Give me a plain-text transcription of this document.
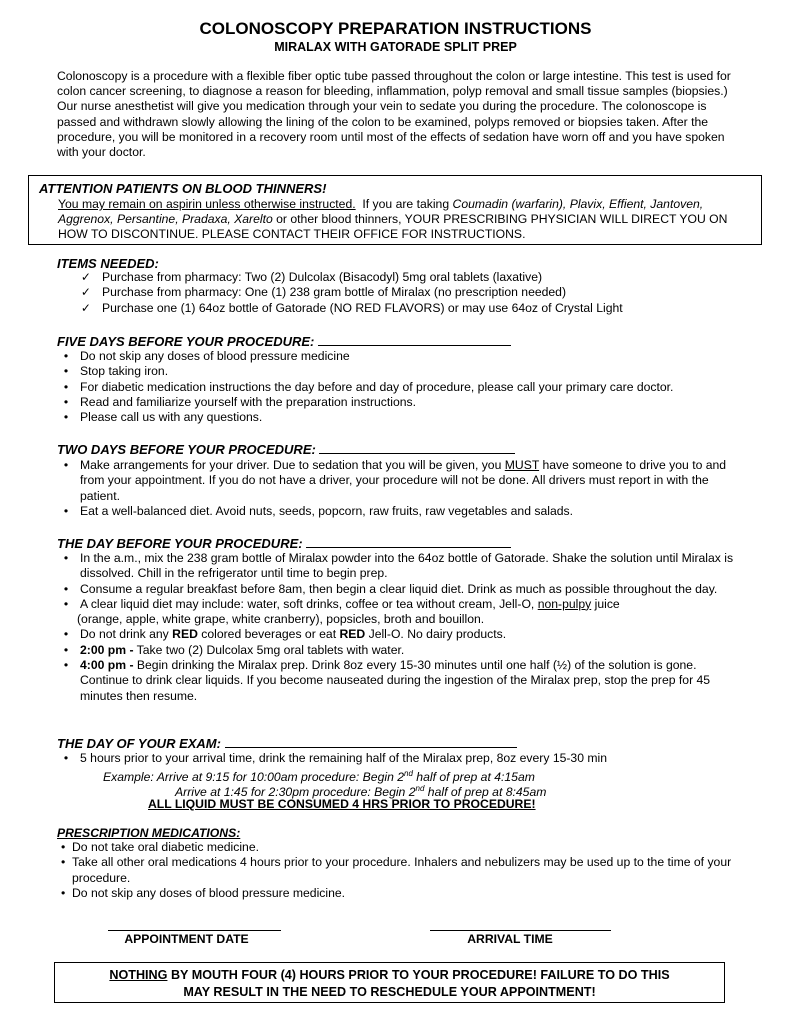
COLONOSCOPY PREPARATION INSTRUCTIONS
MIRALAX WITH GATORADE SPLIT PREP
Colonoscopy is a procedure with a flexible fiber optic tube passed throughout the colon or large intestine. This test is used for colon cancer screening, to diagnose a reason for bleeding, inflammation, polyp removal and small tissue samples (biopsies.) Our nurse anesthetist will give you medication through your vein to sedate you during the procedure. The colonoscope is passed and withdrawn slowly allowing the lining of the colon to be examined, polyps removed or biopsies taken. After the procedure, you will be monitored in a recovery room until most of the effects of sedation have worn off and you have spoken with your doctor.
ATTENTION PATIENTS ON BLOOD THINNERS!
You may remain on aspirin unless otherwise instructed.  If you are taking Coumadin (warfarin), Plavix, Effient, Jantoven, Aggrenox, Persantine, Pradaxa, Xarelto or other blood thinners, YOUR PRESCRIBING PHYSICIAN WILL DIRECT YOU ON HOW TO DISCONTINUE. PLEASE CONTACT THEIR OFFICE FOR INSTRUCTIONS.
ITEMS NEEDED:
✓ Purchase from pharmacy: Two (2) Dulcolax (Bisacodyl) 5mg oral tablets (laxative)
✓ Purchase from pharmacy: One (1) 238 gram bottle of Miralax (no prescription needed)
✓ Purchase one (1) 64oz bottle of Gatorade (NO RED FLAVORS) or may use 64oz of Crystal Light
FIVE DAYS BEFORE YOUR PROCEDURE:
• Do not skip any doses of blood pressure medicine
• Stop taking iron.
• For diabetic medication instructions the day before and day of procedure, please call your primary care doctor.
• Read and familiarize yourself with the preparation instructions.
• Please call us with any questions.
TWO DAYS BEFORE YOUR PROCEDURE:
• Make arrangements for your driver. Due to sedation that you will be given, you MUST have someone to drive you to and from your appointment. If you do not have a driver, your procedure will not be done. All drivers must report in with the patient.
• Eat a well-balanced diet. Avoid nuts, seeds, popcorn, raw fruits, raw vegetables and salads.
THE DAY BEFORE YOUR PROCEDURE:
• In the a.m., mix the 238 gram bottle of Miralax powder into the 64oz bottle of Gatorade. Shake the solution until Miralax is dissolved. Chill in the refrigerator until time to begin prep.
• Consume a regular breakfast before 8am, then begin a clear liquid diet. Drink as much as possible throughout the day.
• A clear liquid diet may include: water, soft drinks, coffee or tea without cream, Jell-O, non-pulpy juice
(orange, apple, white grape, white cranberry), popsicles, broth and bouillon.
• Do not drink any RED colored beverages or eat RED Jell-O. No dairy products.
• 2:00 pm - Take two (2) Dulcolax 5mg oral tablets with water.
• 4:00 pm - Begin drinking the Miralax prep. Drink 8oz every 15-30 minutes until one half (½) of the solution is gone. Continue to drink clear liquids. If you become nauseated during the ingestion of the Miralax prep, stop the prep for 45 minutes then resume.
THE DAY OF YOUR EXAM:
• 5 hours prior to your arrival time, drink the remaining half of the Miralax prep, 8oz every 15-30 min
Example: Arrive at 9:15 for 10:00am procedure: Begin 2nd half of prep at 4:15am
Arrive at 1:45 for 2:30pm procedure: Begin 2nd half of prep at 8:45am
ALL LIQUID MUST BE CONSUMED 4 HRS PRIOR TO PROCEDURE!
PRESCRIPTION MEDICATIONS:
• Do not take oral diabetic medicine.
• Take all other oral medications 4 hours prior to your procedure. Inhalers and nebulizers may be used up to the time of your procedure.
• Do not skip any doses of blood pressure medicine.
APPOINTMENT DATE	ARRIVAL TIME
NOTHING BY MOUTH FOUR (4) HOURS PRIOR TO YOUR PROCEDURE! FAILURE TO DO THIS
MAY RESULT IN THE NEED TO RESCHEDULE YOUR APPOINTMENT!
